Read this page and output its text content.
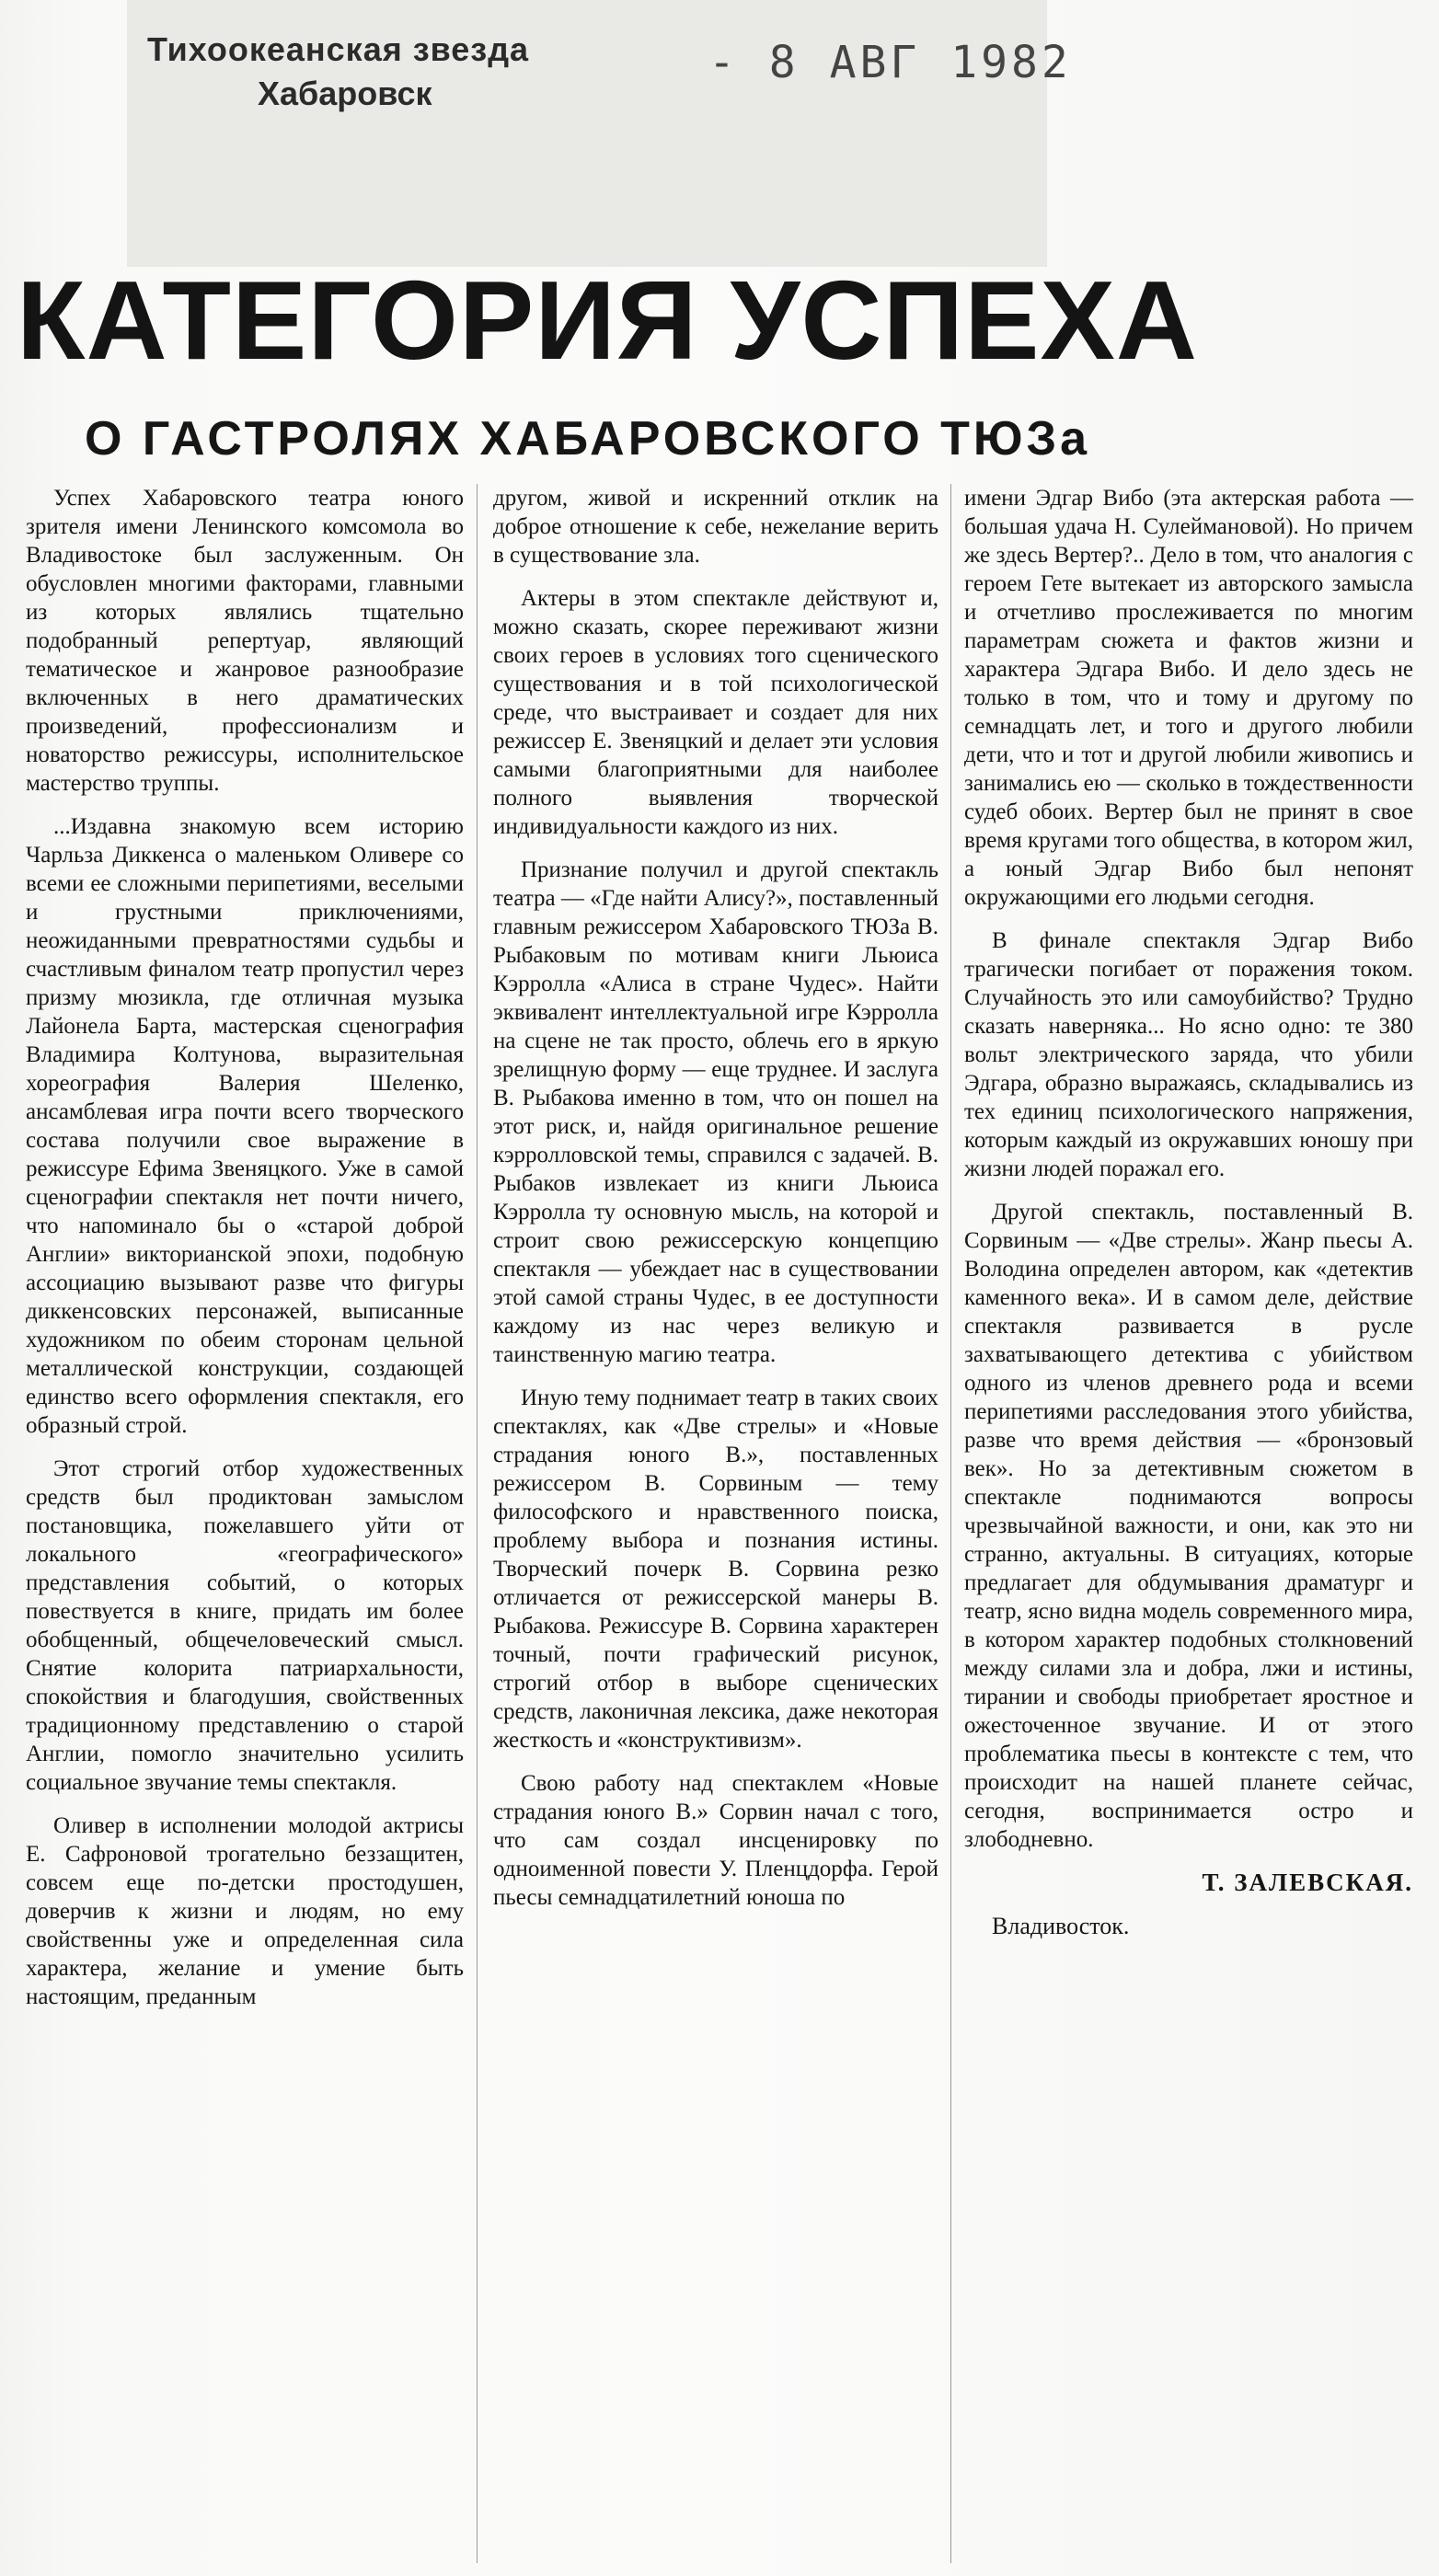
Тихоокеанская звезда
Хабаровск
- 8 АВГ 1982
КАТЕГОРИЯ УСПЕХА
О ГАСТРОЛЯХ ХАБАРОВСКОГО ТЮЗа

Успех Хабаровского театра юного зрителя имени Ленинского комсомола во Владивостоке был заслуженным. Он обусловлен многими факторами, главными из которых являлись тщательно подобранный репертуар, являющий тематическое и жанровое разнообразие включенных в него драматических произведений, профессионализм и новаторство режиссуры, исполнительское мастерство труппы.

...Издавна знакомую всем историю Чарльза Диккенса о маленьком Оливере со всеми ее сложными перипетиями, веселыми и грустными приключениями, неожиданными превратностями судьбы и счастливым финалом театр пропустил через призму мюзикла, где отличная музыка Лайонела Барта, мастерская сценография Владимира Колтунова, выразительная хореография Валерия Шеленко, ансамблевая игра почти всего творческого состава получили свое выражение в режиссуре Ефима Звеняцкого. Уже в самой сценографии спектакля нет почти ничего, что напоминало бы о «старой доброй Англии» викторианской эпохи, подобную ассоциацию вызывают разве что фигуры диккенсовских персонажей, выписанные художником по обеим сторонам цельной металлической конструкции, создающей единство всего оформления спектакля, его образный строй.

Этот строгий отбор художественных средств был продиктован замыслом постановщика, пожелавшего уйти от локального «географического» представления событий, о которых повествуется в книге, придать им более обобщенный, общечеловеческий смысл. Снятие колорита патриархальности, спокойствия и благодушия, свойственных традиционному представлению о старой Англии, помогло значительно усилить социальное звучание темы спектакля.

Оливер в исполнении молодой актрисы Е. Сафроновой трогательно беззащитен, совсем еще по-детски простодушен, доверчив к жизни и людям, но ему свойственны уже и определенная сила характера, желание и умение быть настоящим, преданным

другом, живой и искренний отклик на доброе отношение к себе, нежелание верить в существование зла.

Актеры в этом спектакле действуют и, можно сказать, скорее переживают жизни своих героев в условиях того сценического существования и в той психологической среде, что выстраивает и создает для них режиссер Е. Звеняцкий и делает эти условия самыми благоприятными для наиболее полного выявления творческой индивидуальности каждого из них.

Признание получил и другой спектакль театра — «Где найти Алису?», поставленный главным режиссером Хабаровского ТЮЗа В. Рыбаковым по мотивам книги Льюиса Кэрролла «Алиса в стране Чудес». Найти эквивалент интеллектуальной игре Кэрролла на сцене не так просто, облечь его в яркую зрелищную форму — еще труднее. И заслуга В. Рыбакова именно в том, что он пошел на этот риск, и, найдя оригинальное решение кэрролловской темы, справился с задачей. В. Рыбаков извлекает из книги Льюиса Кэрролла ту основную мысль, на которой и строит свою режиссерскую концепцию спектакля — убеждает нас в существовании этой самой страны Чудес, в ее доступности каждому из нас через великую и таинственную магию театра.

Иную тему поднимает театр в таких своих спектаклях, как «Две стрелы» и «Новые страдания юного В.», поставленных режиссером В. Сорвиным — тему философского и нравственного поиска, проблему выбора и познания истины. Творческий почерк В. Сорвина резко отличается от режиссерской манеры В. Рыбакова. Режиссуре В. Сорвина характерен точный, почти графический рисунок, строгий отбор в выборе сценических средств, лаконичная лексика, даже некоторая жесткость и «конструктивизм».

Свою работу над спектаклем «Новые страдания юного В.» Сорвин начал с того, что сам создал инсценировку по одноименной повести У. Пленцдорфа. Герой пьесы семнадцатилетний юноша по

имени Эдгар Вибо (эта актерская работа — большая удача Н. Сулеймановой). Но причем же здесь Вертер?.. Дело в том, что аналогия с героем Гете вытекает из авторского замысла и отчетливо прослеживается по многим параметрам сюжета и фактов жизни и характера Эдгара Вибо. И дело здесь не только в том, что и тому и другому по семнадцать лет, и того и другого любили дети, что и тот и другой любили живопись и занимались ею — сколько в тождественности судеб обоих. Вертер был не принят в свое время кругами того общества, в котором жил, а юный Эдгар Вибо был непонят окружающими его людьми сегодня.

В финале спектакля Эдгар Вибо трагически погибает от поражения током. Случайность это или самоубийство? Трудно сказать наверняка... Но ясно одно: те 380 вольт электрического заряда, что убили Эдгара, образно выражаясь, складывались из тех единиц психологического напряжения, которым каждый из окружавших юношу при жизни людей поражал его.

Другой спектакль, поставленный В. Сорвиным — «Две стрелы». Жанр пьесы А. Володина определен автором, как «детектив каменного века». И в самом деле, действие спектакля развивается в русле захватывающего детектива с убийством одного из членов древнего рода и всеми перипетиями расследования этого убийства, разве что время действия — «бронзовый век». Но за детективным сюжетом в спектакле поднимаются вопросы чрезвычайной важности, и они, как это ни странно, актуальны. В ситуациях, которые предлагает для обдумывания драматург и театр, ясно видна модель современного мира, в котором характер подобных столкновений между силами зла и добра, лжи и истины, тирании и свободы приобретает яростное и ожесточенное звучание. И от этого проблематика пьесы в контексте с тем, что происходит на нашей планете сейчас, сегодня, воспринимается остро и злободневно.

Т. ЗАЛЕВСКАЯ.

Владивосток.
